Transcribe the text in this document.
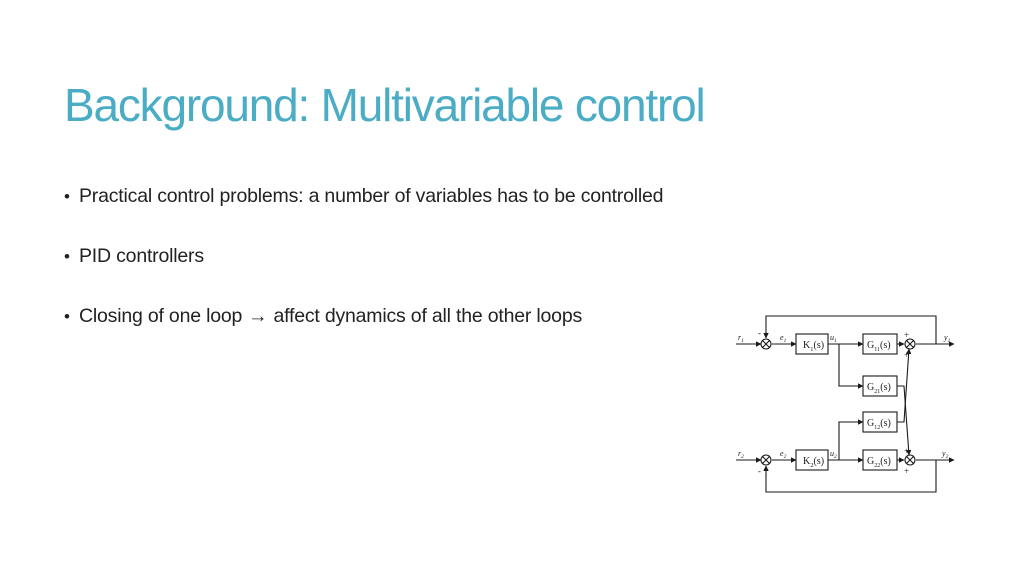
Background: Multivariable control
• Practical control problems: a number of variables has to be controlled
• PID controllers
• Closing of one loop → affect dynamics of all the other loops
$K_1(s)$
$K_2(s)$
$G_{11}(s)$
$G_{21}(s)$
$G_{12}(s)$
$G_{22}(s)$
$r_1$
$r_2$
$e_1$
$e_2$
$u_1$
$u_2$
$y_1$
$y_2$
-
-
+
+
+
+
